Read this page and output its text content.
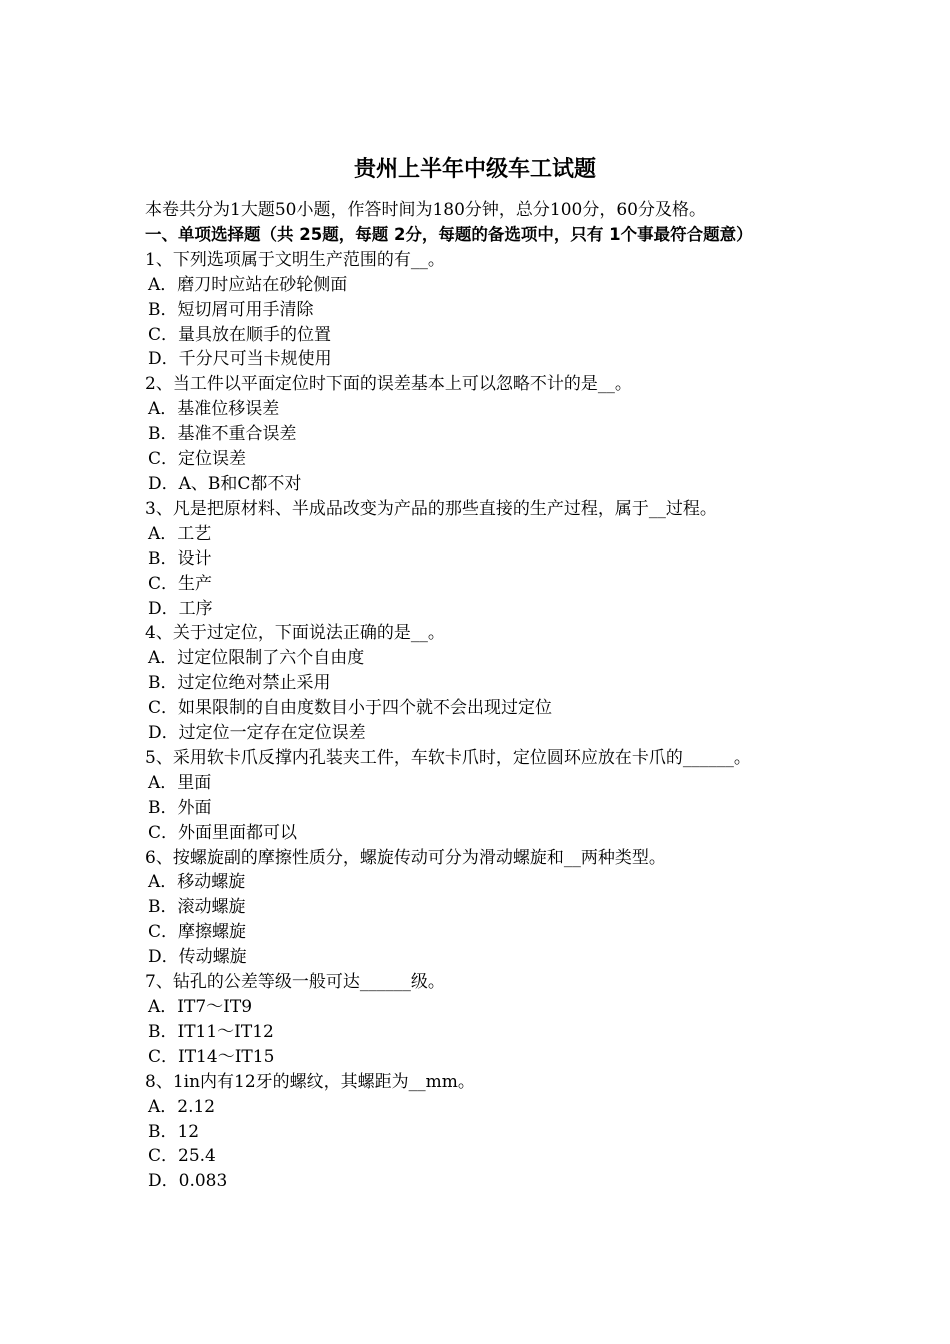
贵州上半年中级车工试题

本卷共分为1大题50小题，作答时间为180分钟，总分100分，60分及格。

一、单项选择题（共 25题，每题 2分，每题的备选项中，只有 1个事最符合题意）

1、下列选项属于文明生产范围的有__。

A．磨刀时应站在砂轮侧面
B．短切屑可用手清除
C．量具放在顺手的位置
D．千分尺可当卡规使用

2、当工件以平面定位时下面的误差基本上可以忽略不计的是__。

A．基准位移误差
B．基准不重合误差
C．定位误差
D．A、B和C都不对

3、凡是把原材料、半成品改变为产品的那些直接的生产过程，属于__过程。

A．工艺
B．设计
C．生产
D．工序

4、关于过定位，下面说法正确的是__。

A．过定位限制了六个自由度
B．过定位绝对禁止采用
C．如果限制的自由度数目小于四个就不会出现过定位
D．过定位一定存在定位误差

5、采用软卡爪反撑内孔装夹工件，车软卡爪时，定位圆环应放在卡爪的______。

A．里面
B．外面
C．外面里面都可以

6、按螺旋副的摩擦性质分，螺旋传动可分为滑动螺旋和__两种类型。

A．移动螺旋
B．滚动螺旋
C．摩擦螺旋
D．传动螺旋

7、钻孔的公差等级一般可达______级。

A．IT7～IT9
B．IT11～IT12
C．IT14～IT15

8、1in内有12牙的螺纹，其螺距为__mm。

A．2.12
B．12
C．25.4
D．0.083
